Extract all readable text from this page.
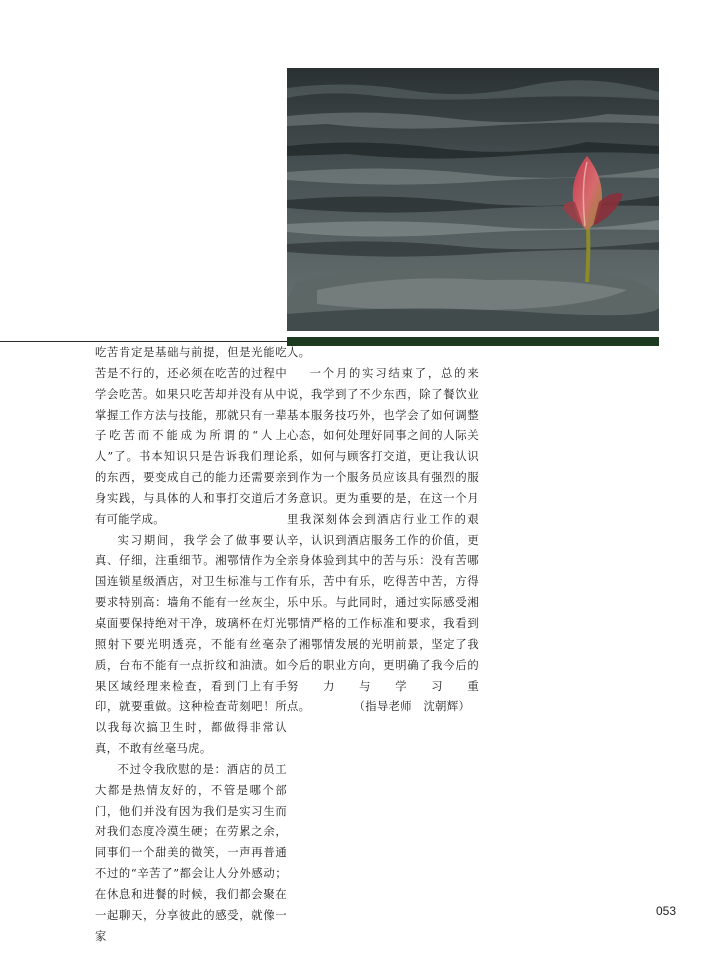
吃苦肯定是基础与前提，但是光能吃苦是不行的，还必须在吃苦的过程中学会吃苦。如果只吃苦却并没有从中掌握工作方法与技能，那就只有一辈子吃苦而不能成为所谓的“人上人”了。书本知识只是告诉我们理论的东西，要变成自己的能力还需要亲身实践，与具体的人和事打交道后才有可能学成。

实习期间，我学会了做事要认真、仔细，注重细节。湘鄂情作为全国连锁星级酒店，对卫生标准与工作要求特别高：墙角不能有一丝灰尘，桌面要保持绝对干净，玻璃杯在灯光照射下要光明透亮，不能有丝毫杂质，台布不能有一点折纹和油渍。如果区域经理来检查，看到门上有手印，就要重做。这种检查苛刻吧！所以我每次搞卫生时，都做得非常认真，不敢有丝毫马虎。

不过令我欣慰的是：酒店的员工大都是热情友好的，不管是哪个部门，他们并没有因为我们是实习生而对我们态度冷漠生硬；在劳累之余，同事们一个甜美的微笑，一声再普通不过的“辛苦了”都会让人分外感动；在休息和进餐的时候，我们都会聚在一起聊天，分享彼此的感受，就像一家

人。

一个月的实习结束了，总的来说，我学到了不少东西，除了餐饮业基本服务技巧外，也学会了如何调整心态，如何处理好同事之间的人际关系，如何与顾客打交道，更让我认识到作为一个服务员应该具有强烈的服务意识。更为重要的是，在这一个月里我深刻体会到酒店行业工作的艰辛，认识到酒店服务工作的价值，更亲身体验到其中的苦与乐：没有苦哪有乐，苦中有乐，吃得苦中苦，方得乐中乐。与此同时，通过实际感受湘鄂情严格的工作标准和要求，我看到了湘鄂情发展的光明前景，坚定了我今后的职业方向，更明确了我今后的努力与学习重点。	（指导老师　沈朝辉）

053
